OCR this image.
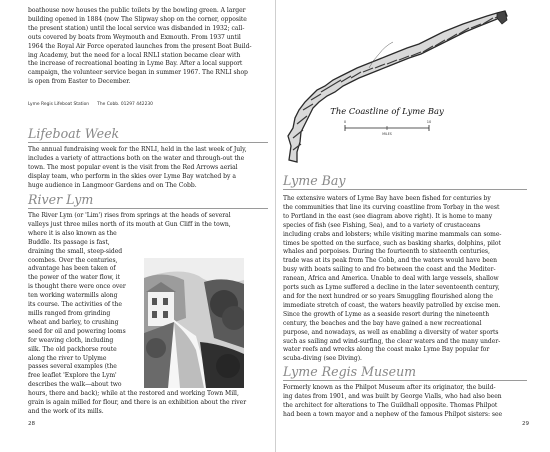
boathouse now houses the public toilets by the bowling green. A larger

building opened in 1884 (now The Slipway shop on the corner, opposite

the present station) until the local service was disbanded in 1932; call-

outs covered by boats from Weymouth and Exmouth. From 1937 until

1964 the Royal Air Force operated launches from the present Boat Build-

ing Academy, but the need for a local RNLI station became clear with

the increase of recreational boating in Lyme Bay. After a local support

campaign, the volunteer service began in summer 1967. The RNLI shop

is open from Easter to December.

Lyme Regis Lifeboat Station The Cobb. 01297 442230
Lifeboat Week

The annual fundraising week for the RNLI, held in the last week of July,

includes a variety of attractions both on the water and through-out the

town. The most popular event is the visit from the Red Arrows aerial

display team, who perform in the skies over Lyme Bay watched by a

huge audience in Langmoor Gardens and on The Cobb.

River Lym

The River Lym (or 'Lim') rises from springs at the heads of several

valleys just three miles north of its mouth at Gun Cliff in the town,

where it is also known as the

Buddle. Its passage is fast,

draining the small, steep-sided

coombes. Over the centuries,

advantage has been taken of

the power of the water flow, it

is thought there were once over

ten working watermills along

its course. The activities of the

mills ranged from grinding

wheat and barley, to crushing

seed for oil and powering looms

for weaving cloth, including

silk. The old packhorse route

along the river to Uplyme

passes several examples (the

free leaflet 'Explore the Lym'

describes the walk—about two

hours, there and back); while at the restored and working Town Mill,

grain is again milled for flour, and there is an exhibition about the river

and the work of its mills.

28
0	10
MILES
The Coastline of Lyme Bay
Lyme Bay

The extensive waters of Lyme Bay have been fished for centuries by

the communities that line its curving coastline from Torbay in the west

to Portland in the east (see diagram above right). It is home to many

species of fish (see Fishing, Sea), and to a variety of crustaceans

including crabs and lobsters; while visiting marine mammals can some-

times be spotted on the surface, such as basking sharks, dolphins, pilot

whales and porpoises. During the fourteenth to sixteenth centuries,

trade was at its peak from The Cobb, and the waters would have been

busy with boats sailing to and fro between the coast and the Mediter-

ranean, Africa and America. Unable to deal with large vessels, shallow

ports such as Lyme suffered a decline in the later seventeenth century,

and for the next hundred or so years Smuggling flourished along the

immediate stretch of coast, the waters heavily patrolled by excise men.

Since the growth of Lyme as a seaside resort during the nineteenth

century, the beaches and the bay have gained a new recreational

purpose, and nowadays, as well as enabling a diversity of water sports

such as sailing and wind-surfing, the clear waters and the many under-

water reefs and wrecks along the coast make Lyme Bay popular for

scuba-diving (see Diving).

Lyme Regis Museum

Formerly known as the Philpot Museum after its originator, the build-

ing dates from 1901, and was built by George Vialls, who had also been

the architect for alterations to The Guildhall opposite. Thomas Philpot

had been a town mayor and a nephew of the famous Philpot sisters: see

29
